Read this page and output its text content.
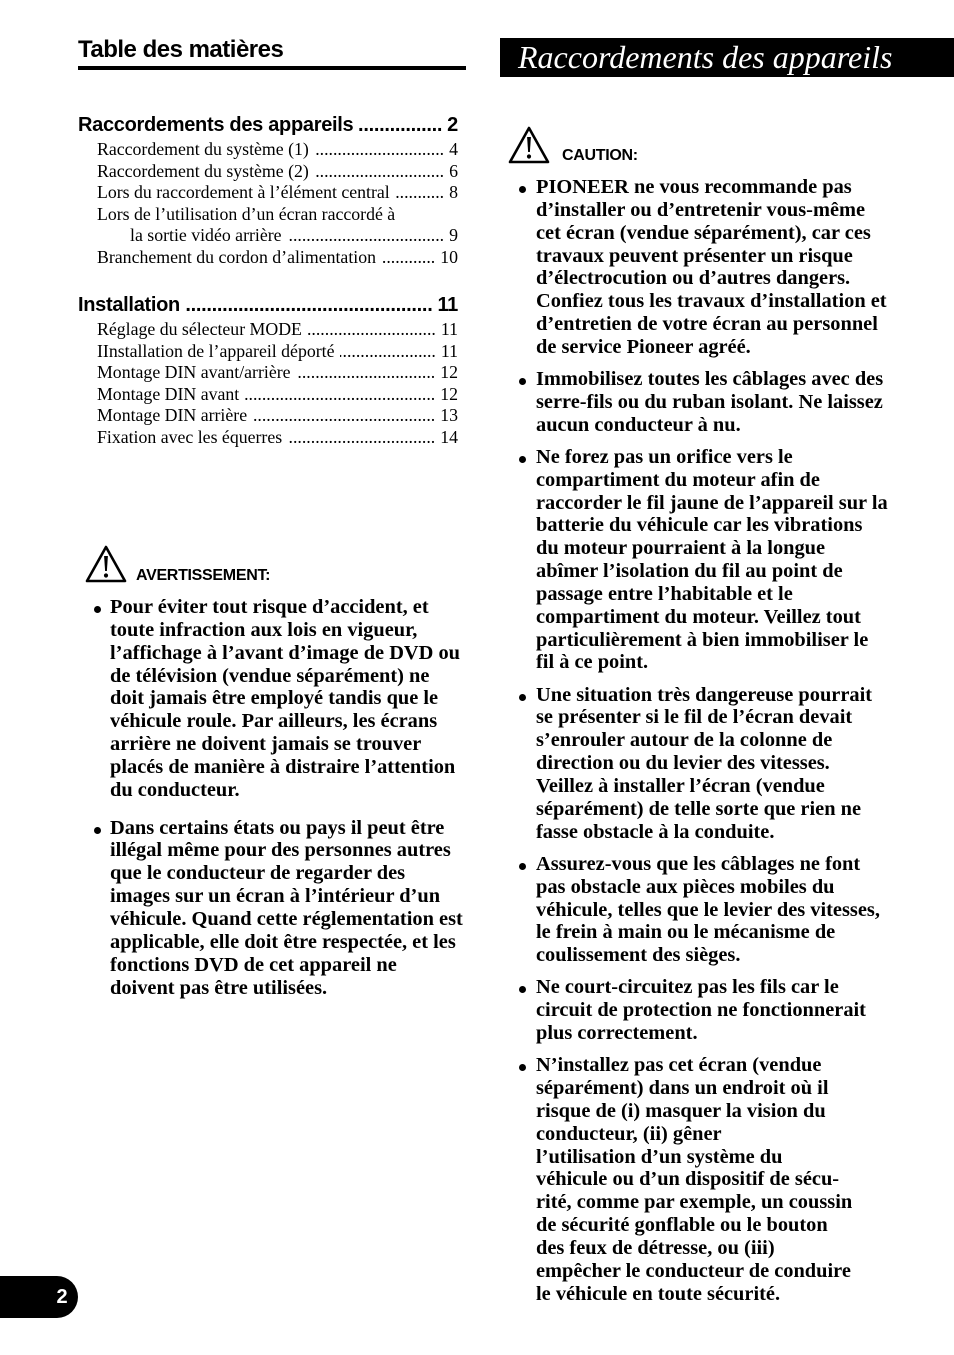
Table des matières	Raccordements des appareils
Raccordements des appareils .....	2
Raccordement du système (1) .....	4
Raccordement du système (2) .....	6
Lors du raccordement à l’élément central .....	8
Lors de l’utilisation d’un écran raccordé à
la sortie vidéo arrière .....	9
Branchement du cordon d’alimentation .....	10
Installation .....	11
Réglage du sélecteur MODE .....	11
IInstallation de l’appareil déporté .....	11
Montage DIN avant/arrière .....	12
Montage DIN avant .....	12
Montage DIN arrière .....	13
Fixation avec les équerres .....	14
AVERTISSEMENT:
Pour éviter tout risque d’accident, et
toute infraction aux lois en vigueur,
l’affichage à l’avant d’image de DVD ou
de télévision (vendue séparément) ne
doit jamais être employé tandis que le
véhicule roule. Par ailleurs, les écrans
arrière ne doivent jamais se trouver
placés de manière à distraire l’attention
du conducteur.
Dans certains états ou pays il peut être
illégal même pour des personnes autres
que le conducteur de regarder des
images sur un écran à l’intérieur d’un
véhicule. Quand cette réglementation est
applicable, elle doit être respectée, et les
fonctions DVD de cet appareil ne
doivent pas être utilisées.
CAUTION:
PIONEER ne vous recommande pas
d’installer ou d’entretenir vous-même
cet écran (vendue séparément), car ces
travaux peuvent présenter un risque
d’électrocution ou d’autres dangers.
Confiez tous les travaux d’installation et
d’entretien de votre écran au personnel
de service Pioneer agréé.
Immobilisez toutes les câblages avec des
serre-fils ou du ruban isolant. Ne laissez
aucun conducteur à nu.
Ne forez pas un orifice vers le
compartiment du moteur afin de
raccorder le fil jaune de l’appareil sur la
batterie du véhicule car les vibrations
du moteur pourraient à la longue
abîmer l’isolation du fil au point de
passage entre l’habitable et le
compartiment du moteur. Veillez tout
particulièrement à bien immobiliser le
fil à ce point.
Une situation très dangereuse pourrait
se présenter si le fil de l’écran devait
s’enrouler autour de la colonne de
direction ou du levier des vitesses.
Veillez à installer l’écran (vendue
séparément) de telle sorte que rien ne
fasse obstacle à la conduite.
Assurez-vous que les câblages ne font
pas obstacle aux pièces mobiles du
véhicule, telles que le levier des vitesses,
le frein à main ou le mécanisme de
coulissement des sièges.
Ne court-circuitez pas les fils car le
circuit de protection ne fonctionnerait
plus correctement.
N’installez pas cet écran (vendue
séparément) dans un endroit où il
risque de (i) masquer la vision du
conducteur, (ii) gêner
l’utilisation d’un système du
véhicule ou d’un dispositif de sécu-
rité, comme par exemple, un coussin
de sécurité gonflable ou le bouton
des feux de détresse, ou (iii)
empêcher le conducteur de conduire
le véhicule en toute sécurité.
2
